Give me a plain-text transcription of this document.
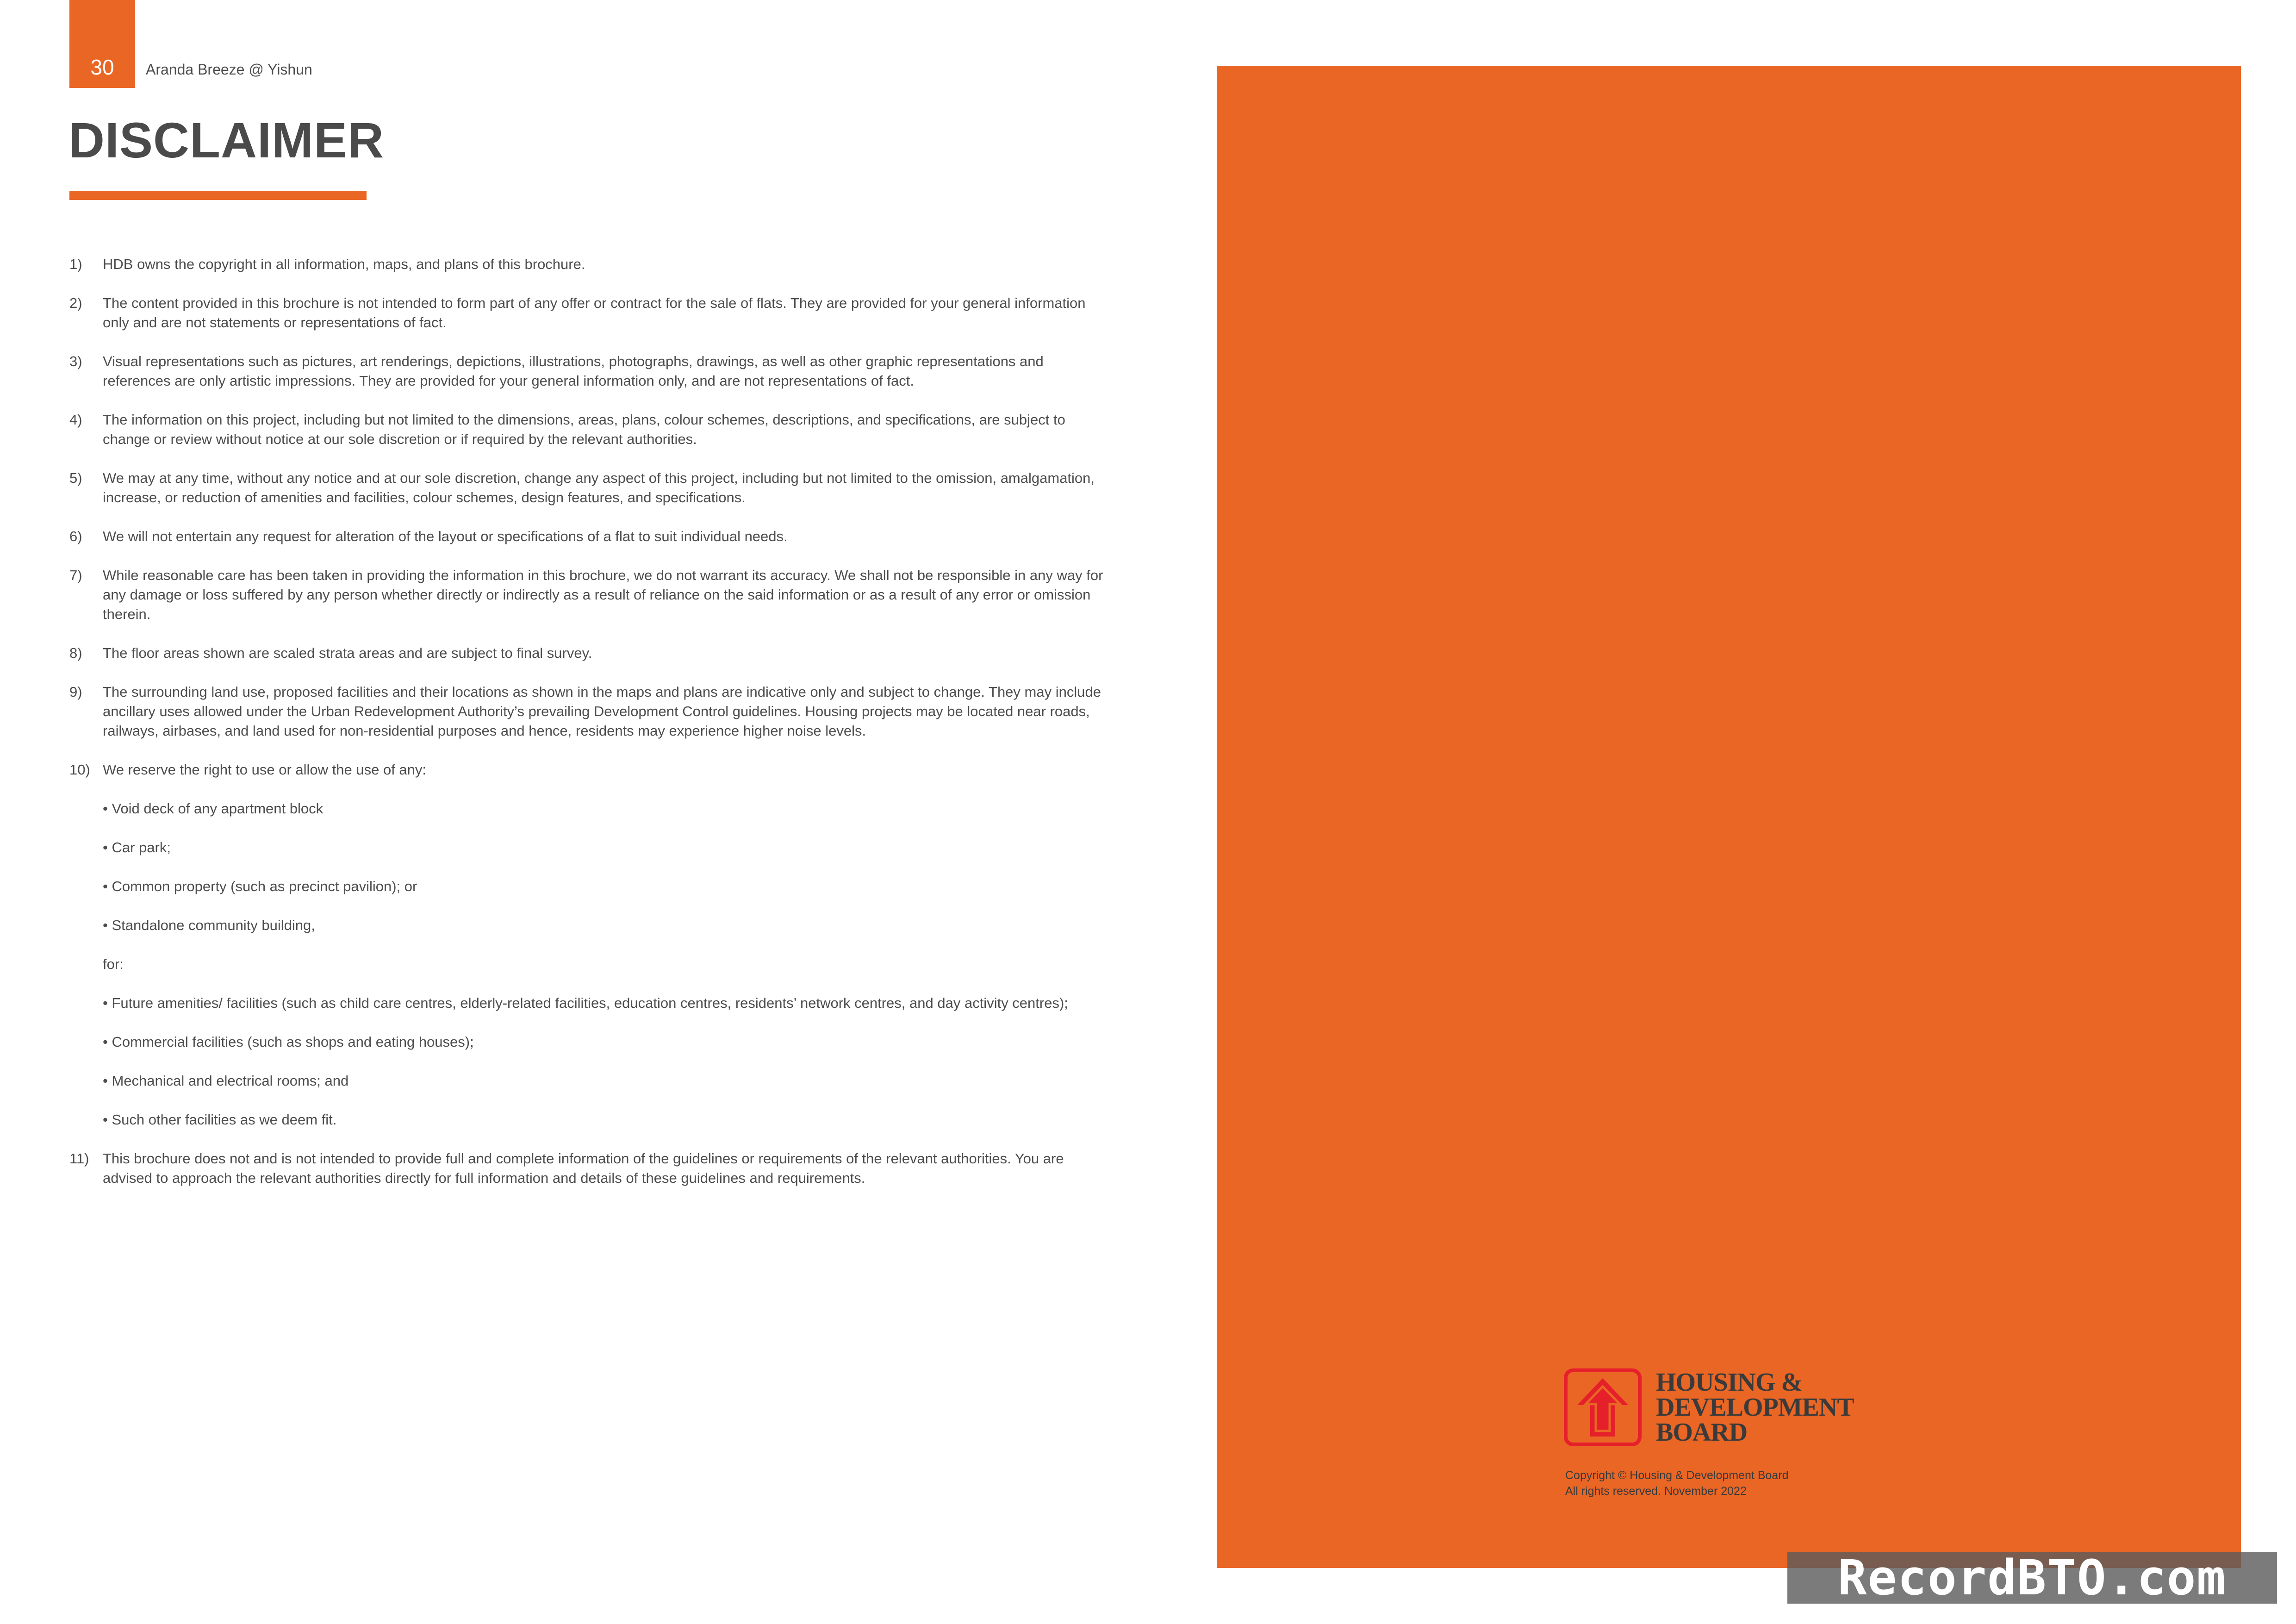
30 Aranda Breeze @ Yishun
DISCLAIMER
1)	HDB owns the copyright in all information, maps, and plans of this brochure.
2)	The content provided in this brochure is not intended to form part of any offer or contract for the sale of flats. They are provided for your general information only and are not statements or representations of fact.
3)	Visual representations such as pictures, art renderings, depictions, illustrations, photographs, drawings, as well as other graphic representations and references are only artistic impressions. They are provided for your general information only, and are not representations of fact.
4)	The information on this project, including but not limited to the dimensions, areas, plans, colour schemes, descriptions, and specifications, are subject to change or review without notice at our sole discretion or if required by the relevant authorities.
5)	We may at any time, without any notice and at our sole discretion, change any aspect of this project, including but not limited to the omission, amalgamation, increase, or reduction of amenities and facilities, colour schemes, design features, and specifications.
6)	We will not entertain any request for alteration of the layout or specifications of a flat to suit individual needs.
7)	While reasonable care has been taken in providing the information in this brochure, we do not warrant its accuracy. We shall not be responsible in any way for any damage or loss suffered by any person whether directly or indirectly as a result of reliance on the said information or as a result of any error or omission therein.
8)	The floor areas shown are scaled strata areas and are subject to final survey.
9)	The surrounding land use, proposed facilities and their locations as shown in the maps and plans are indicative only and subject to change. They may include ancillary uses allowed under the Urban Redevelopment Authority’s prevailing Development Control guidelines. Housing projects may be located near roads, railways, airbases, and land used for non-residential purposes and hence, residents may experience higher noise levels.
10) We reserve the right to use or allow the use of any:
• Void deck of any apartment block
• Car park;
• Common property (such as precinct pavilion); or
• Standalone community building,
for:
• Future amenities/ facilities (such as child care centres, elderly-related facilities, education centres, residents’ network centres, and day activity centres);
• Commercial facilities (such as shops and eating houses);
• Mechanical and electrical rooms; and
• Such other facilities as we deem fit.
11) This brochure does not and is not intended to provide full and complete information of the guidelines or requirements of the relevant authorities. You are advised to approach the relevant authorities directly for full information and details of these guidelines and requirements.
HOUSING &
DEVELOPMENT
BOARD
Copyright © Housing & Development Board
All rights reserved. November 2022
RecordBTO.com
